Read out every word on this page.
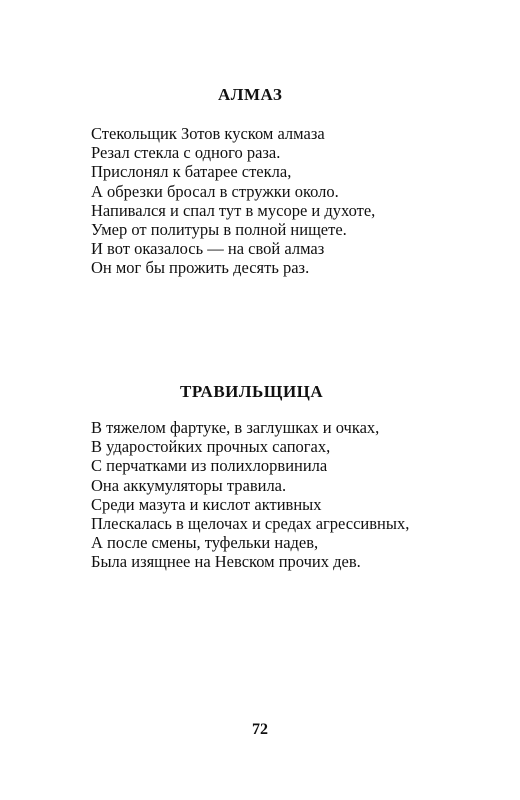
АЛМАЗ
Стекольщик Зотов куском алмаза
Резал стекла с одного раза.
Прислонял к батарее стекла,
А обрезки бросал в стружки около.
Напивался и спал тут в мусоре и духоте,
Умер от политуры в полной нищете.
И вот оказалось — на свой алмаз
Он мог бы прожить десять раз.
ТРАВИЛЬЩИЦА
В тяжелом фартуке, в заглушках и очках,
В ударостойких прочных сапогах,
С перчатками из полихлорвинила
Она аккумуляторы травила.
Среди мазута и кислот активных
Плескалась в щелочах и средах агрессивных,
А после смены, туфельки надев,
Была изящнее на Невском прочих дев.
72
